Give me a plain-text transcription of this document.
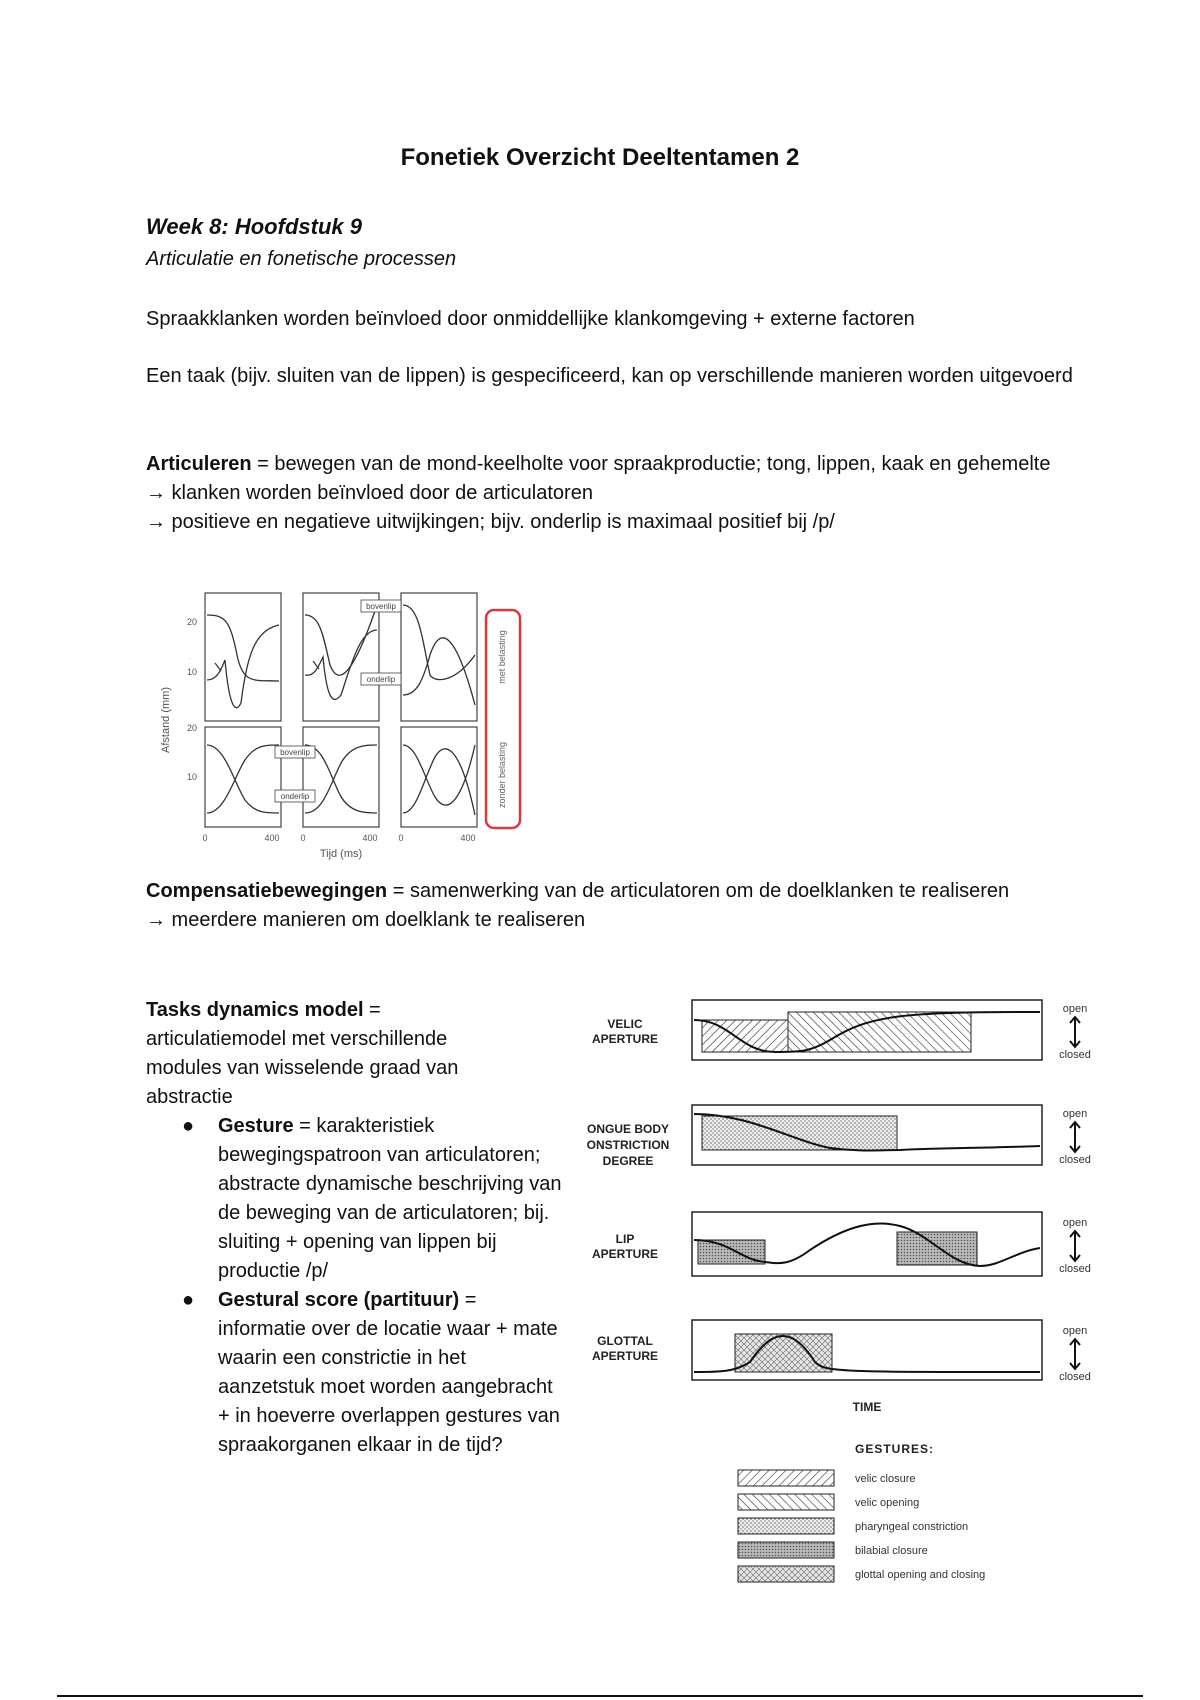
Fonetiek Overzicht Deeltentamen 2
Week 8: Hoofdstuk 9
Articulatie en fonetische processen
Spraakklanken worden beïnvloed door onmiddellijke klankomgeving + externe factoren
Een taak (bijv. sluiten van de lippen) is gespecificeerd, kan op verschillende manieren worden uitgevoerd
Articuleren = bewegen van de mond-keelholte voor spraakproductie; tong, lippen, kaak en gehemelte
→ klanken worden beïnvloed door de articulatoren
→ positieve en negatieve uitwijkingen; bijv. onderlip is maximaal positief bij /p/
Afstand (mm)
20
10
20
10
.
bovenlip
onderlip
bovenlip
onderlip
0	400 0	400 0	400
Tijd (ms)
met belasting
zonder belasting
Compensatiebewegingen = samenwerking van de articulatoren om de doelklanken te realiseren
→ meerdere manieren om doelklank te realiseren
Tasks dynamics model =
articulatiemodel met verschillende modules van wisselende graad van abstractie
● Gesture = karakteristiek bewegingspatroon van articulatoren; abstracte dynamische beschrijving van de beweging van de articulatoren; bij. sluiting + opening van lippen bij productie /p/
● Gestural score (partituur) = informatie over de locatie waar + mate waarin een constrictie in het aanzetstuk moet worden aangebracht + in hoeverre overlappen gestures van spraakorganen elkaar in de tijd?
VELIC
APERTURE
ONGUE BODY
ONSTRICTION
DEGREE
LIP
APERTURE
GLOTTAL
APERTURE
open
closed
open
closed
open
closed
open
closed
TIME
GESTURES:
velic closure
velic opening
pharyngeal constriction
bilabial closure
glottal opening and closing
